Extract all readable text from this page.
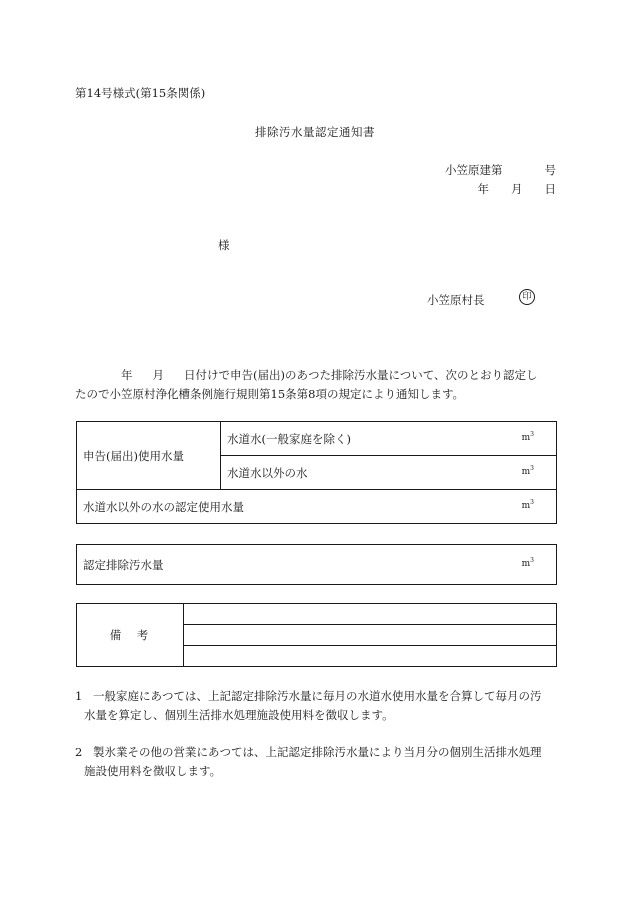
第14号様式(第15条関係)
排除汚水量認定通知書
小笠原建第	号
年 月 日
様
小笠原村長	印
年 月 日付けで申告(届出)のあつた排除汚水量について、次のとおり認定し
たので小笠原村浄化槽条例施行規則第15条第8項の規定により通知します。
申告(届出)使用水量	水道水(一般家庭を除く)	$m^3$

水道水以外の水	$m^3$

水道水以外の水の認定使用水量	$m^3$
認定排除汚水量	$m^3$
備　考	

1 一般家庭にあつては、上記認定排除汚水量に毎月の水道水使用水量を合算して毎月の汚
水量を算定し、個別生活排水処理施設使用料を徴収します。
2 製氷業その他の営業にあつては、上記認定排除汚水量により当月分の個別生活排水処理
施設使用料を徴収します。
